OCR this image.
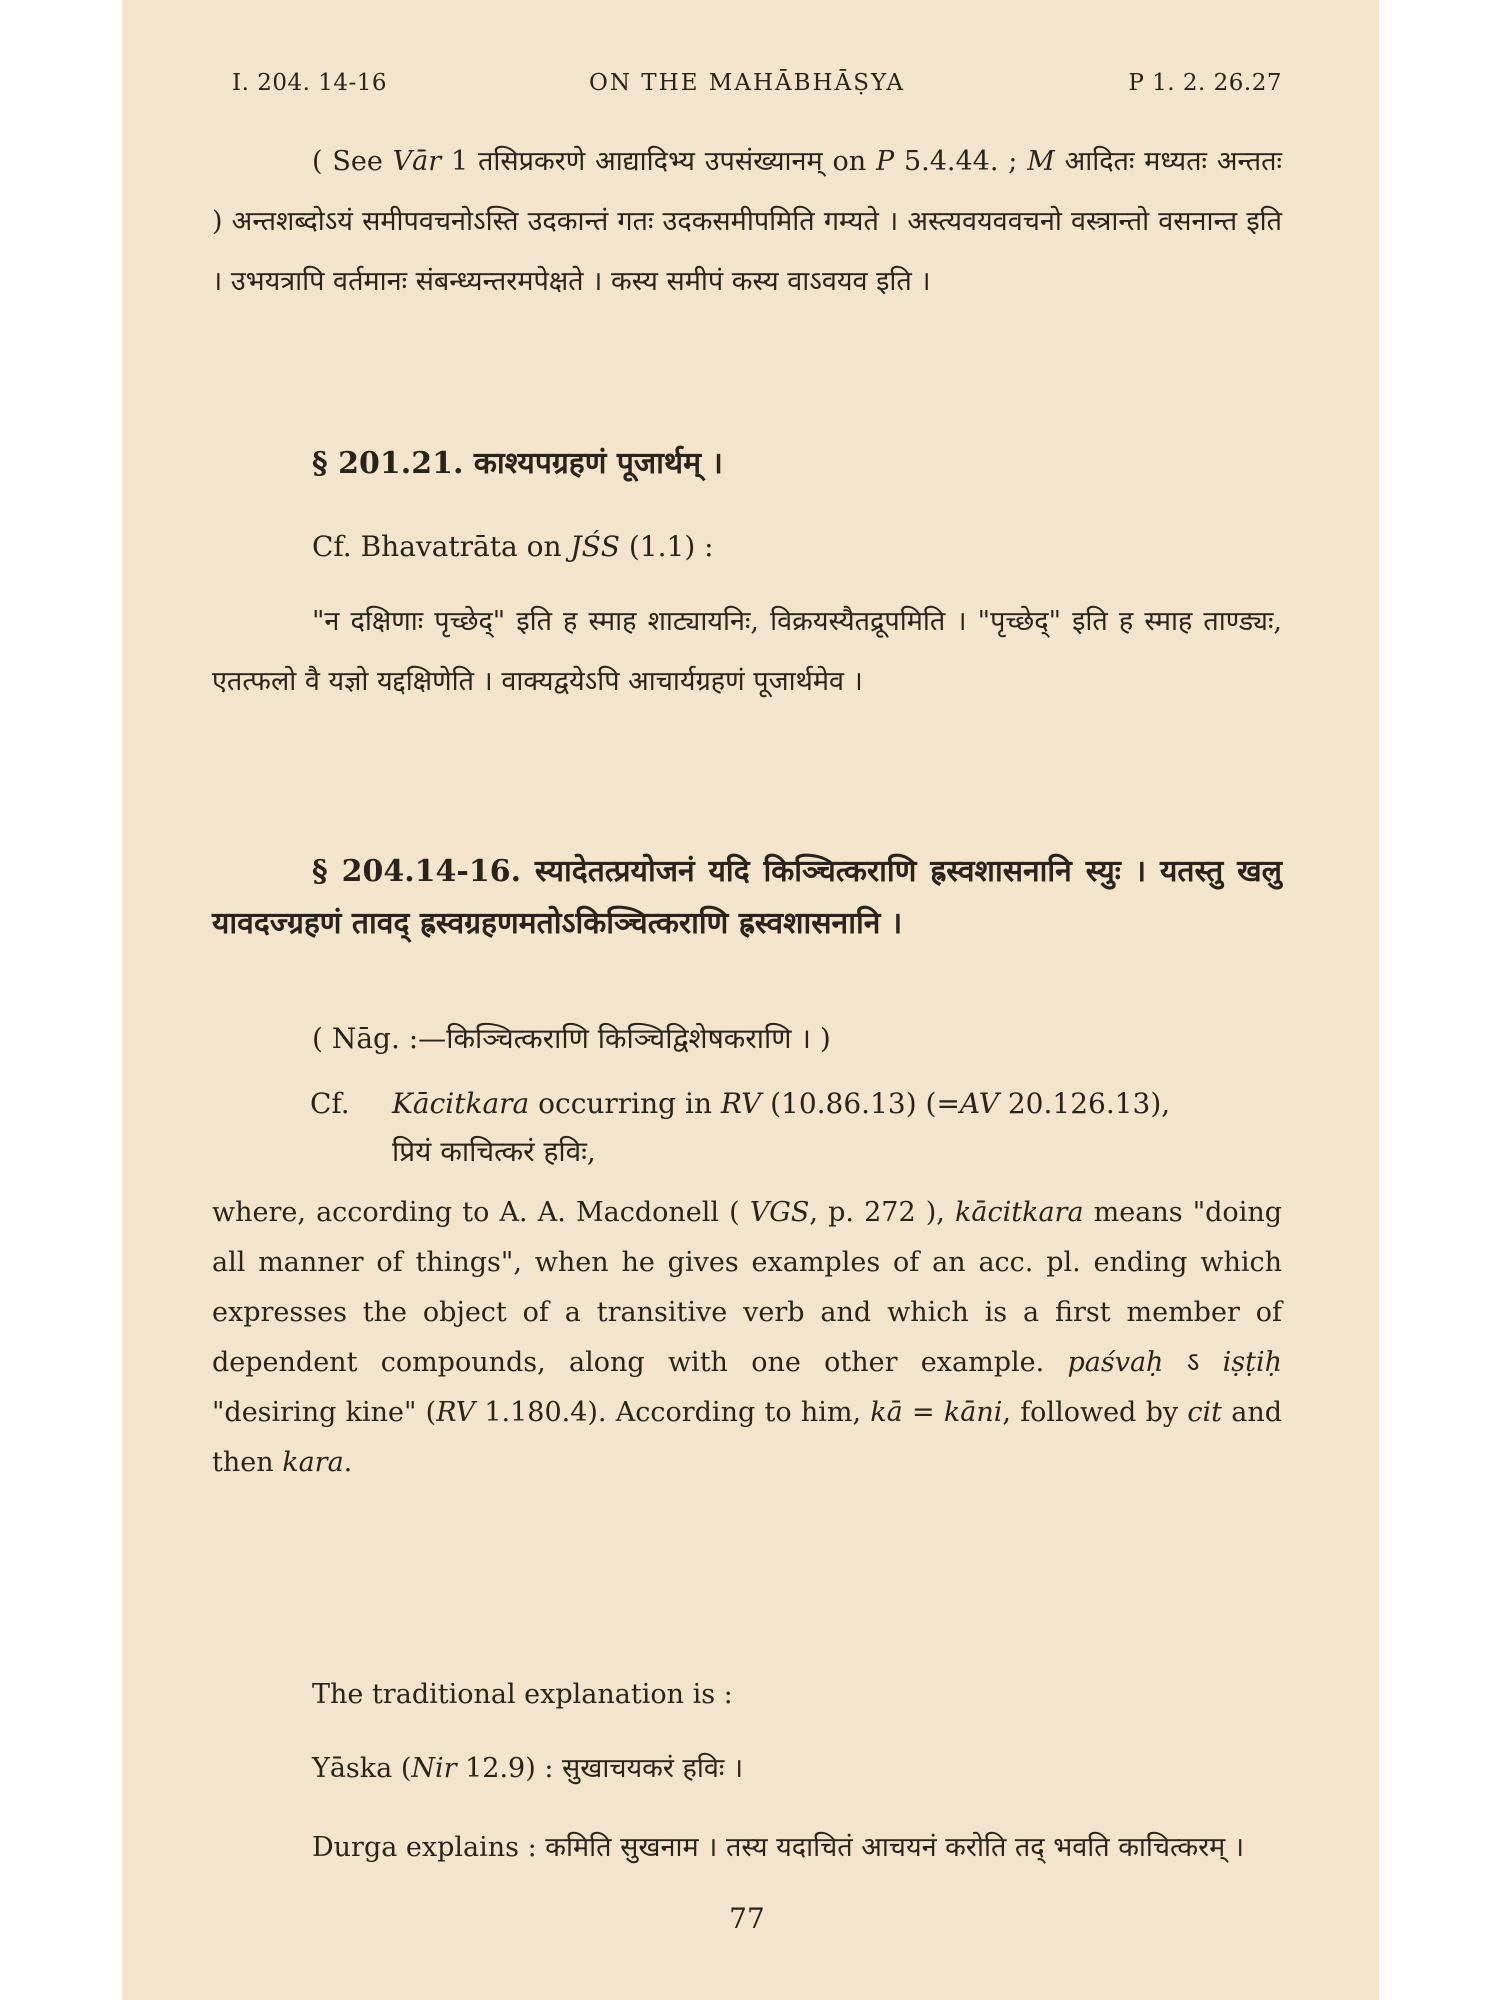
I. 204. 14-16	ON THE MAHĀBHĀṢYA	P 1. 2. 26.27
( See Vār 1 तसिप्रकरणे आद्यादिभ्य उपसंख्यानम् on P 5.4.44. ; M आदितः मध्यतः अन्ततः ) अन्तशब्दोऽयं समीपवचनोऽस्ति उदकान्तं गतः उदकसमीपमिति गम्यते । अस्त्यवयववचनो वस्त्रान्तो वसनान्त इति । उभयत्रापि वर्तमानः संबन्ध्यन्तरमपेक्षते । कस्य समीपं कस्य वाऽवयव इति ।
§ 201.21. काश्यपग्रहणं पूजार्थम् ।
Cf. Bhavatrāta on JŚS (1.1) :
"न दक्षिणाः पृच्छेद्" इति ह स्माह शाट्यायनिः, विक्रयस्यैतद्रूपमिति । "पृच्छेद्" इति ह स्माह ताण्ड्यः, एतत्फलो वै यज्ञो यद्दक्षिणेति । वाक्यद्वयेऽपि आचार्यग्रहणं पूजार्थमेव ।
§ 204.14-16. स्यादेतत्प्रयोजनं यदि किञ्चित्कराणि ह्रस्वशासनानि स्युः । यतस्तु खलु यावदज्ग्रहणं तावद् ह्रस्वग्रहणमतोऽकिञ्चित्कराणि ह्रस्वशासनानि ।
( Nāg. :—किञ्चित्कराणि किञ्चिद्विशेषकराणि । )
Cf. Kācitkara occurring in RV (10.86.13) (=AV 20.126.13),
प्रियं काचित्करं हविः,
where, according to A. A. Macdonell ( VGS, p. 272 ), kācitkara means "doing all manner of things", when he gives examples of an acc. pl. ending which expresses the object of a transitive verb and which is a first member of dependent compounds, along with one other example. paśvaḥ ऽ iṣṭiḥ "desiring kine" (RV 1.180.4). According to him, kā = kāni, followed by cit and then kara.
The traditional explanation is :
Yāska (Nir 12.9) : सुखाचयकरं हविः ।
Durga explains : कमिति सुखनाम । तस्य यदाचितं आचयनं करोति तद् भवति काचित्करम् ।
77
